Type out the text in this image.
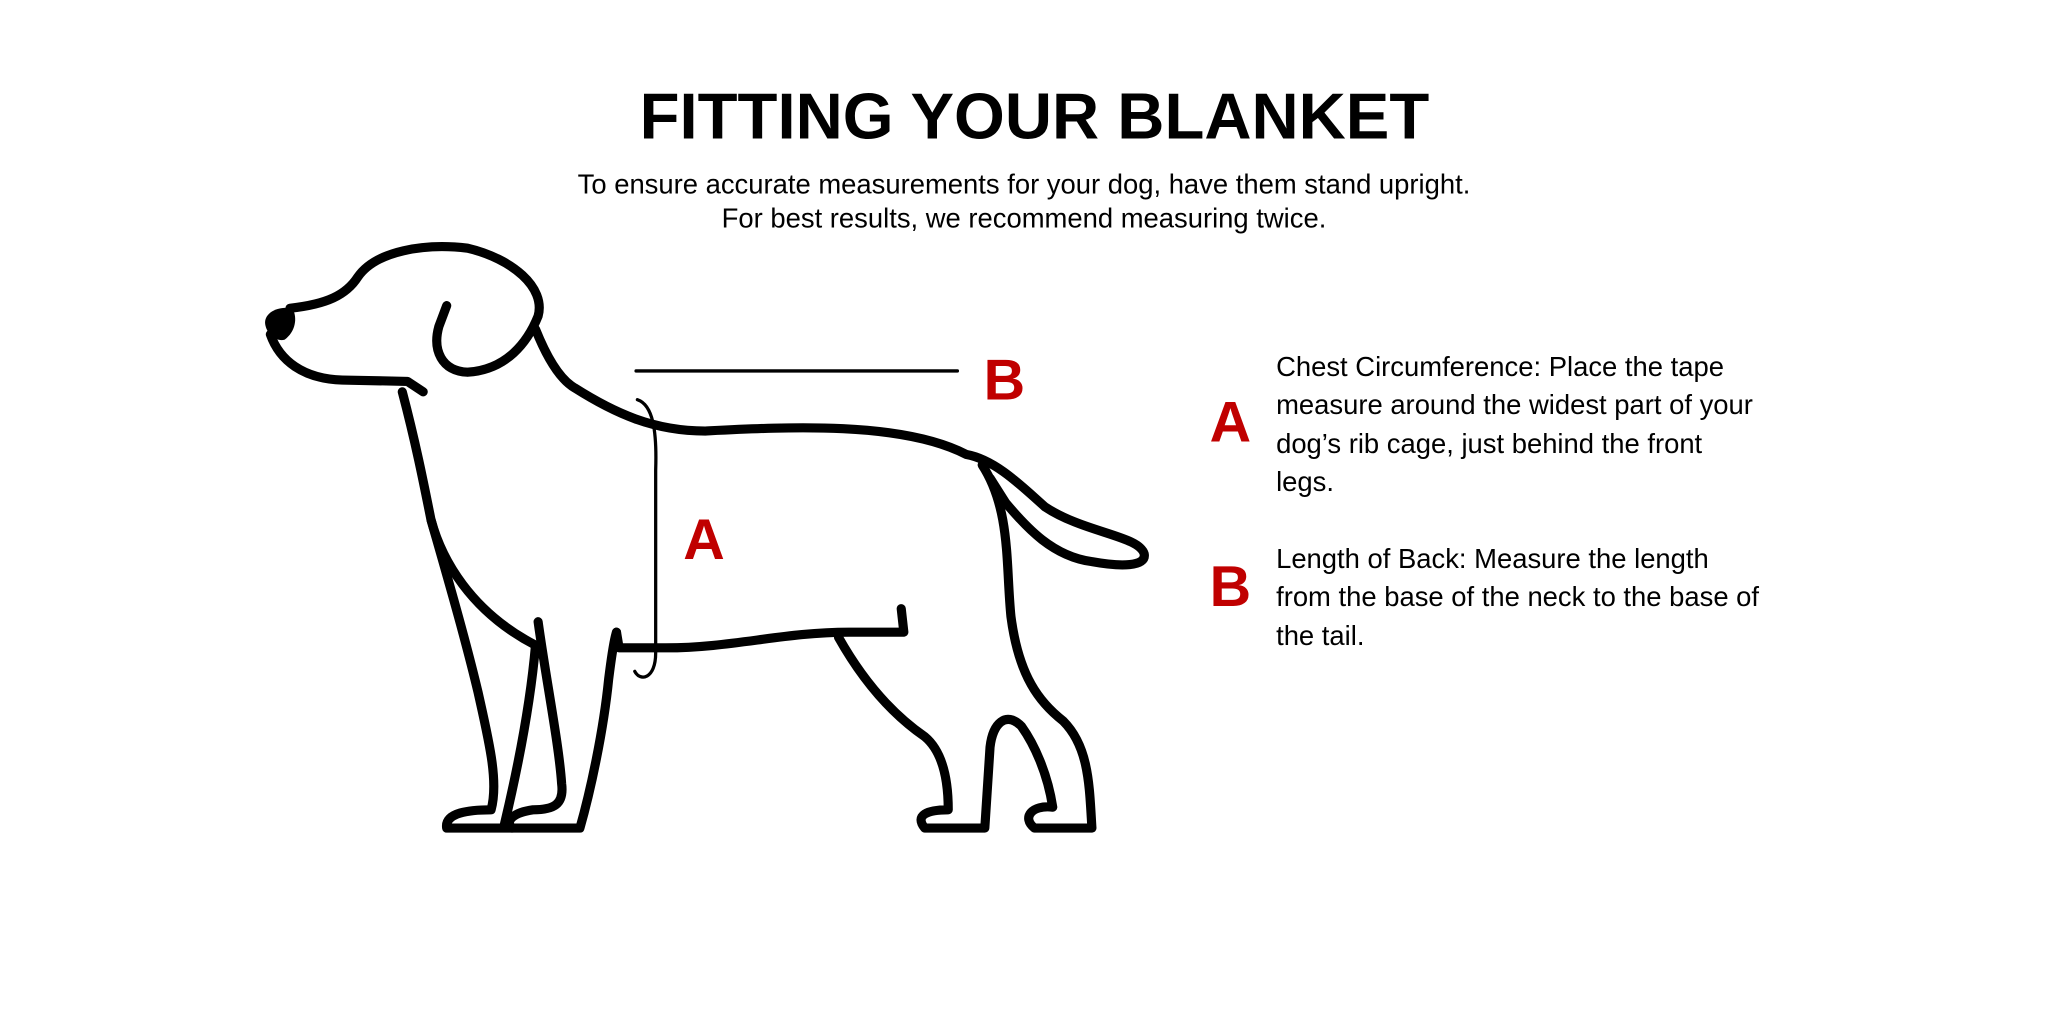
FITTING YOUR BLANKET
To ensure accurate measurements for your dog, have them stand upright.
For best results, we recommend measuring twice.
A
B
A
Chest Circumference: Place the tape
measure around the widest part of your
dog’s rib cage, just behind the front
legs.
B Length of Back: Measure the length
from the base of the neck to the base of
the tail.
